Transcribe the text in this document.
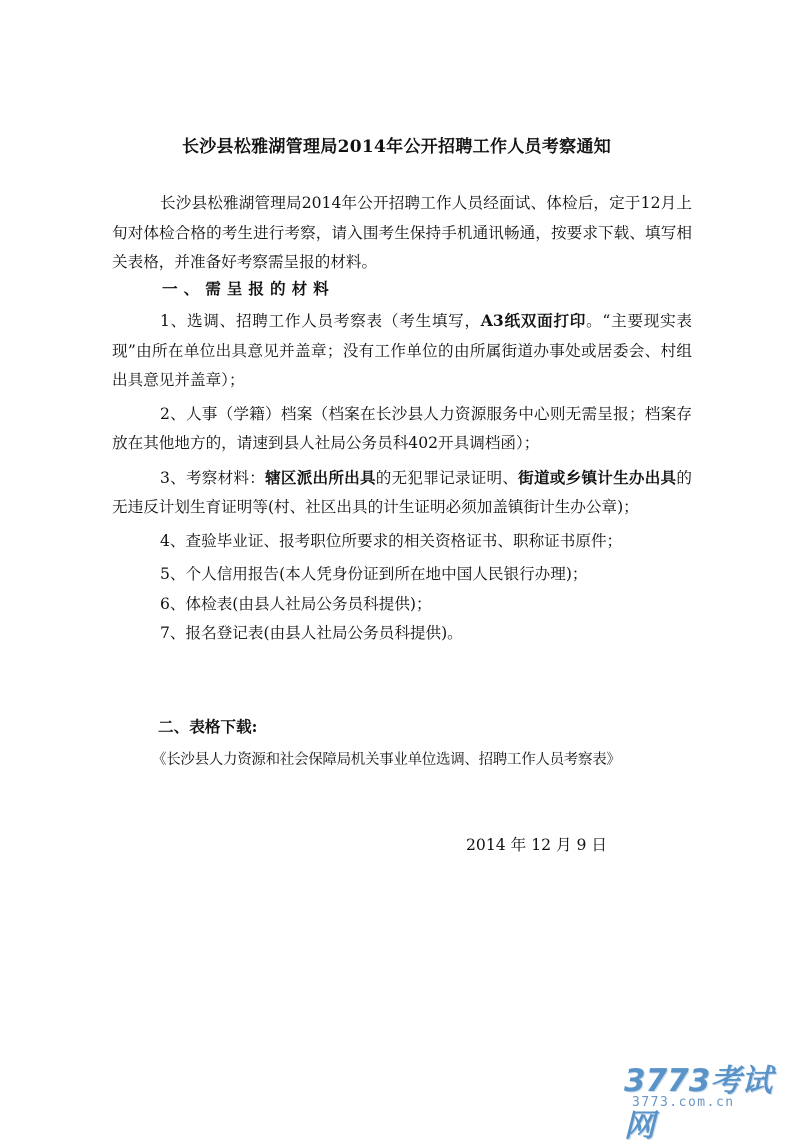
长沙县松雅湖管理局2014年公开招聘工作人员考察通知

长沙县松雅湖管理局2014年公开招聘工作人员经面试、体检后，定于12月上旬对体检合格的考生进行考察，请入围考生保持手机通讯畅通，按要求下载、填写相关表格，并准备好考察需呈报的材料。

一、需呈报的材料

1、选调、招聘工作人员考察表（考生填写，A3纸双面打印。“主要现实表现”由所在单位出具意见并盖章；没有工作单位的由所属街道办事处或居委会、村组出具意见并盖章）；

2、人事（学籍）档案（档案在长沙县人力资源服务中心则无需呈报；档案存放在其他地方的，请速到县人社局公务员科402开具调档函）；

3、考察材料：辖区派出所出具的无犯罪记录证明、街道或乡镇计生办出具的无违反计划生育证明等(村、社区出具的计生证明必须加盖镇街计生办公章)；

4、查验毕业证、报考职位所要求的相关资格证书、职称证书原件；

5、个人信用报告(本人凭身份证到所在地中国人民银行办理)；

6、体检表(由县人社局公务员科提供)；

7、报名登记表(由县人社局公务员科提供)。

二、表格下载:
《长沙县人力资源和社会保障局机关事业单位选调、招聘工作人员考察表》
2014 年 12 月 9 日
3773考试网
3773.com.cn
